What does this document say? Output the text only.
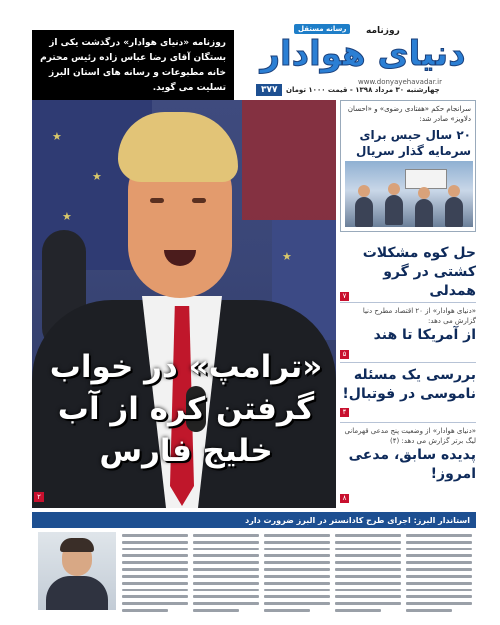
روزنامه «دنیای هوادار» درگذشت یکی از بستگان آقای رضا عباس زاده رئیس محترم خانه مطبوعات و رسانه های استان البرز تسلیت می گوید.
رسانه مستقل	روزنامه
دنیای هوادار
www.donyayehavadar.ir
چهارشنبه ۳۰ مرداد ۱۳۹۸ - قیمت ۱۰۰۰ تومان
۳۷۷
★
★
★
★
«ترامپ» در خواب
گرفتن کره از آب
خلیج فارس
۲
سرانجام حکم «هفتادی رضوی» و «احسان دلاویز» صادر شد:
۲۰ سال حبس برای سرمایه گذار سریال
حل کوه مشکلات کشتی در گرو همدلی
۷
«دنیای هوادار» از ۲۰ اقتصاد مطرح دنیا گزارش می دهد:
از آمریکا تا هند
۵
بررسی یک مسئله ناموسی در فوتبال!
۴
«دنیای هوادار» از وضعیت پنج مدعی قهرمانی لیگ برتر گزارش می دهد: (۴)
پدیده سابق، مدعی امروز!
۸
استاندار البرز: اجرای طرح کادانستر در البرز ضرورت دارد
